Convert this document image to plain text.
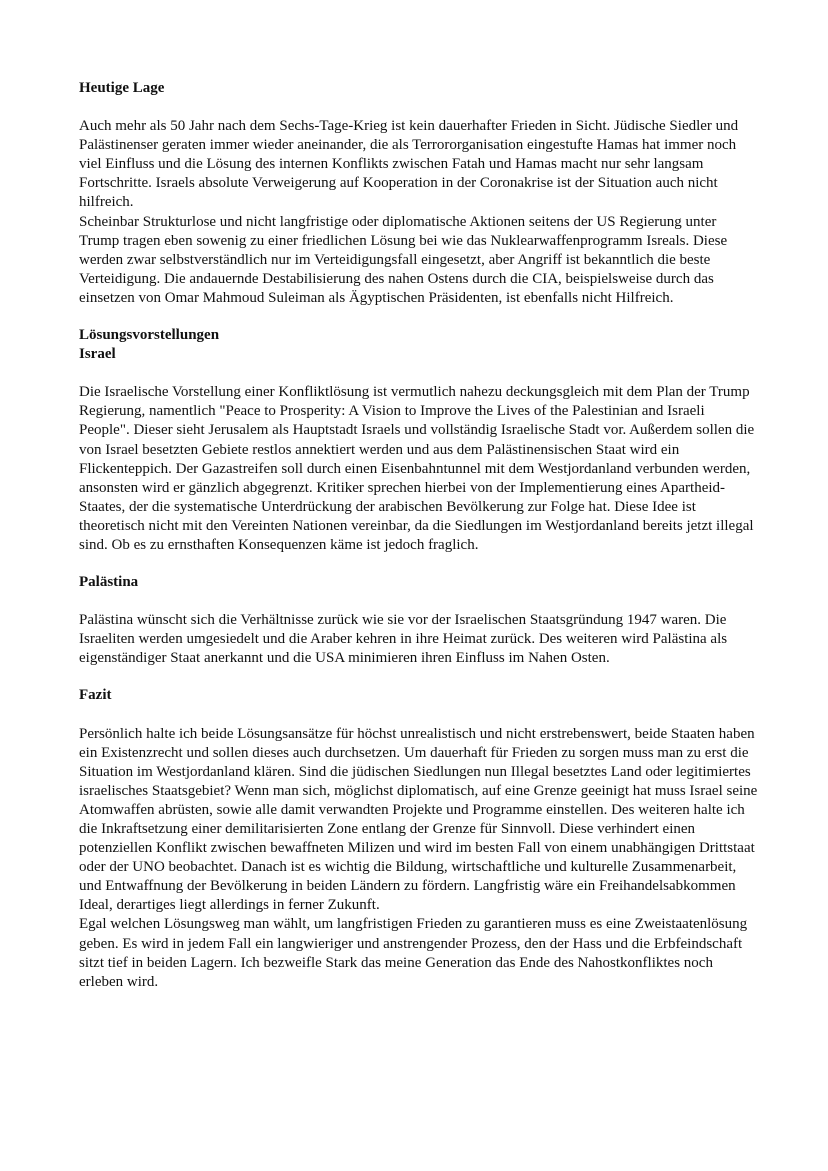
Heutige Lage

Auch mehr als 50 Jahr nach dem Sechs-Tage-Krieg ist kein dauerhafter Frieden in Sicht. Jüdische Siedler und Palästinenser geraten immer wieder aneinander, die als Terrororganisation eingestufte Hamas hat immer noch viel Einfluss und die Lösung des internen Konflikts zwischen Fatah und Hamas macht nur sehr langsam Fortschritte. Israels absolute Verweigerung auf Kooperation in der Coronakrise ist der Situation auch nicht hilfreich.

Scheinbar Strukturlose und nicht langfristige oder diplomatische Aktionen seitens der US Regierung unter Trump tragen eben sowenig zu einer friedlichen Lösung bei wie das Nuklearwaffenprogramm Isreals. Diese werden zwar selbstverständlich nur im Verteidigungsfall eingesetzt, aber Angriff ist bekanntlich die beste Verteidigung. Die andauernde Destabilisierung des nahen Ostens durch die CIA, beispielsweise durch das einsetzen von Omar Mahmoud Suleiman als Ägyptischen Präsidenten, ist ebenfalls nicht Hilfreich.

Lösungsvorstellungen
Israel

Die Israelische Vorstellung einer Konfliktlösung ist vermutlich nahezu deckungsgleich mit dem Plan der Trump Regierung, namentlich "Peace to Prosperity: A Vision to Improve the Lives of the Palestinian and Israeli People". Dieser sieht Jerusalem als Hauptstadt Israels und vollständig Israelische Stadt vor. Außerdem sollen die von Israel besetzten Gebiete restlos annektiert werden und aus dem Palästinensischen Staat wird ein Flickenteppich. Der Gazastreifen soll durch einen Eisenbahntunnel mit dem Westjordanland verbunden werden, ansonsten wird er gänzlich abgegrenzt. Kritiker sprechen hierbei von der Implementierung eines Apartheid-Staates, der die systematische Unterdrückung der arabischen Bevölkerung zur Folge hat. Diese Idee ist theoretisch nicht mit den Vereinten Nationen vereinbar, da die Siedlungen im Westjordanland bereits jetzt illegal sind. Ob es zu ernsthaften Konsequenzen käme ist jedoch fraglich.

Palästina

Palästina wünscht sich die Verhältnisse zurück wie sie vor der Israelischen Staatsgründung 1947 waren. Die Israeliten werden umgesiedelt und die Araber kehren in ihre Heimat zurück. Des weiteren wird Palästina als eigenständiger Staat anerkannt und die USA minimieren ihren Einfluss im Nahen Osten.

Fazit

Persönlich halte ich beide Lösungsansätze für höchst unrealistisch und nicht erstrebenswert, beide Staaten haben ein Existenzrecht und sollen dieses auch durchsetzen. Um dauerhaft für Frieden zu sorgen muss man zu erst die Situation im Westjordanland klären. Sind die jüdischen Siedlungen nun Illegal besetztes Land oder legitimiertes israelisches Staatsgebiet? Wenn man sich, möglichst diplomatisch, auf eine Grenze geeinigt hat muss Israel seine Atomwaffen abrüsten, sowie alle damit verwandten Projekte und Programme einstellen. Des weiteren halte ich die Inkraftsetzung einer demilitarisierten Zone entlang der Grenze für Sinnvoll. Diese verhindert einen potenziellen Konflikt zwischen bewaffneten Milizen und wird im besten Fall von einem unabhängigen Drittstaat oder der UNO beobachtet. Danach ist es wichtig die Bildung, wirtschaftliche und kulturelle Zusammenarbeit, und Entwaffnung der Bevölkerung in beiden Ländern zu fördern. Langfristig wäre ein Freihandelsabkommen Ideal, derartiges liegt allerdings in ferner Zukunft.

Egal welchen Lösungsweg man wählt, um langfristigen Frieden zu garantieren muss es eine Zweistaatenlösung geben. Es wird in jedem Fall ein langwieriger und anstrengender Prozess, den der Hass und die Erbfeindschaft sitzt tief in beiden Lagern. Ich bezweifle Stark das meine Generation das Ende des Nahostkonfliktes noch erleben wird.
